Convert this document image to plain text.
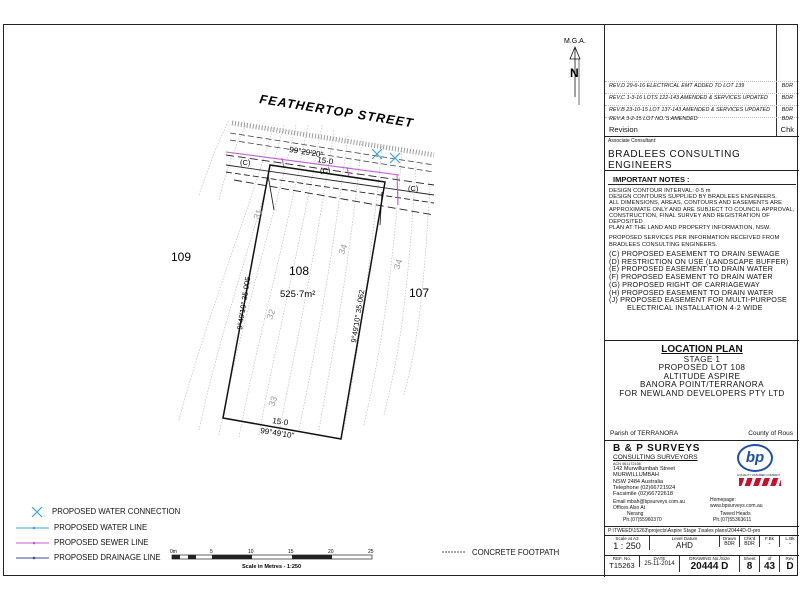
FEATHERTOP STREET
(C)
(C)
(C)
99°29'20"
15·0
15·0
99°49'10"
9°49'10" 35·005	9°49'10" 35·062
108
525·7m²
109
107
31
32
34
33
34
M.G.A.
N
0m	5	10	15	20	25
Scale in Metres - 1:250
PROPOSED WATER CONNECTION
PROPOSED WATER LINE
PROPOSED SEWER LINE
PROPOSED DRAINAGE LINE
CONCRETE FOOTPATH
REV.D 29-6-16 ELECTRICAL EMT ADDED TO LOT 139	BDR
REV.C 1-3-16 LOTS 122-143 AMENDED & SERVICES UPDATED	BDR
REV.B 23-10-15 LOT 137-143 AMENDED & SERVICES UPDATED BDR
REV.A 3-2-15 LOT NO.'S AMENDED	BDR
Revision	Chk
Associate Consultant:
BRADLEES CONSULTING ENGINEERS
IMPORTANT NOTES :
DESIGN CONTOUR INTERVAL: 0·5 m
DESIGN CONTOURS SUPPLIED BY BRADLEES ENGINEERS.
ALL DIMENSIONS, AREAS, CONTOURS AND EASEMENTS ARE
APPROXIMATE ONLY AND ARE SUBJECT TO COUNCIL APPROVAL,
CONSTRUCTION, FINAL SURVEY AND REGISTRATION OF DEPOSITED
PLAN AT THE LAND AND PROPERTY INFORMATION, NSW.
PROPOSED SERVICES PER INFORMATION RECEIVED FROM
BRADLEES CONSULTING ENGINEERS.
(C) PROPOSED EASEMENT TO DRAIN SEWAGE
(D) RESTRICTION ON USE (LANDSCAPE BUFFER)
(E) PROPOSED EASEMENT TO DRAIN WATER
(F) PROPOSED EASEMENT TO DRAIN WATER
(G) PROPOSED RIGHT OF CARRIAGEWAY
(H) PROPOSED EASEMENT TO DRAIN WATER
(J) PROPOSED EASEMENT FOR MULTI-PURPOSE
ELECTRICAL INSTALLATION 4·2 WIDE
LOCATION PLAN
STAGE 1
PROPOSED LOT 108
ALTITUDE ASPIRE
BANORA POINT/TERRANORA
FOR NEWLAND DEVELOPERS PTY LTD
Parish of TERRANORA	County of Rous
B & P SURVEYS
CONSULTING SURVEYORS
ACN 061172156
142 Murwillumbah Street
MURWILLUMBAH
NSW 2484 Australia
Telephone (02)66721924
Facsimile (02)66722618
Email mbah@bpsurveys.com.au
Offices Also At
Nerang
Ph.(07)55960370
Homepage:
www.bpsurveys.com.au
Tweed Heads
Ph.(07)55363611
bp
A QUALITY ASSURED COMPANY
P:\TWEED\15263\projects\Aspire Stage 1\sales plans\20444D-O-pro
Scale at A3
1 : 250
Level Datum
AHD
Drawn
BDR
Chk'd
BDR
F.Bk
-
L.Bk
-
REF. No.
T15263
DATE
25-11-2014
DRAWING No./Size
20444 D
Sheet
8
of
43
Rev.
D
